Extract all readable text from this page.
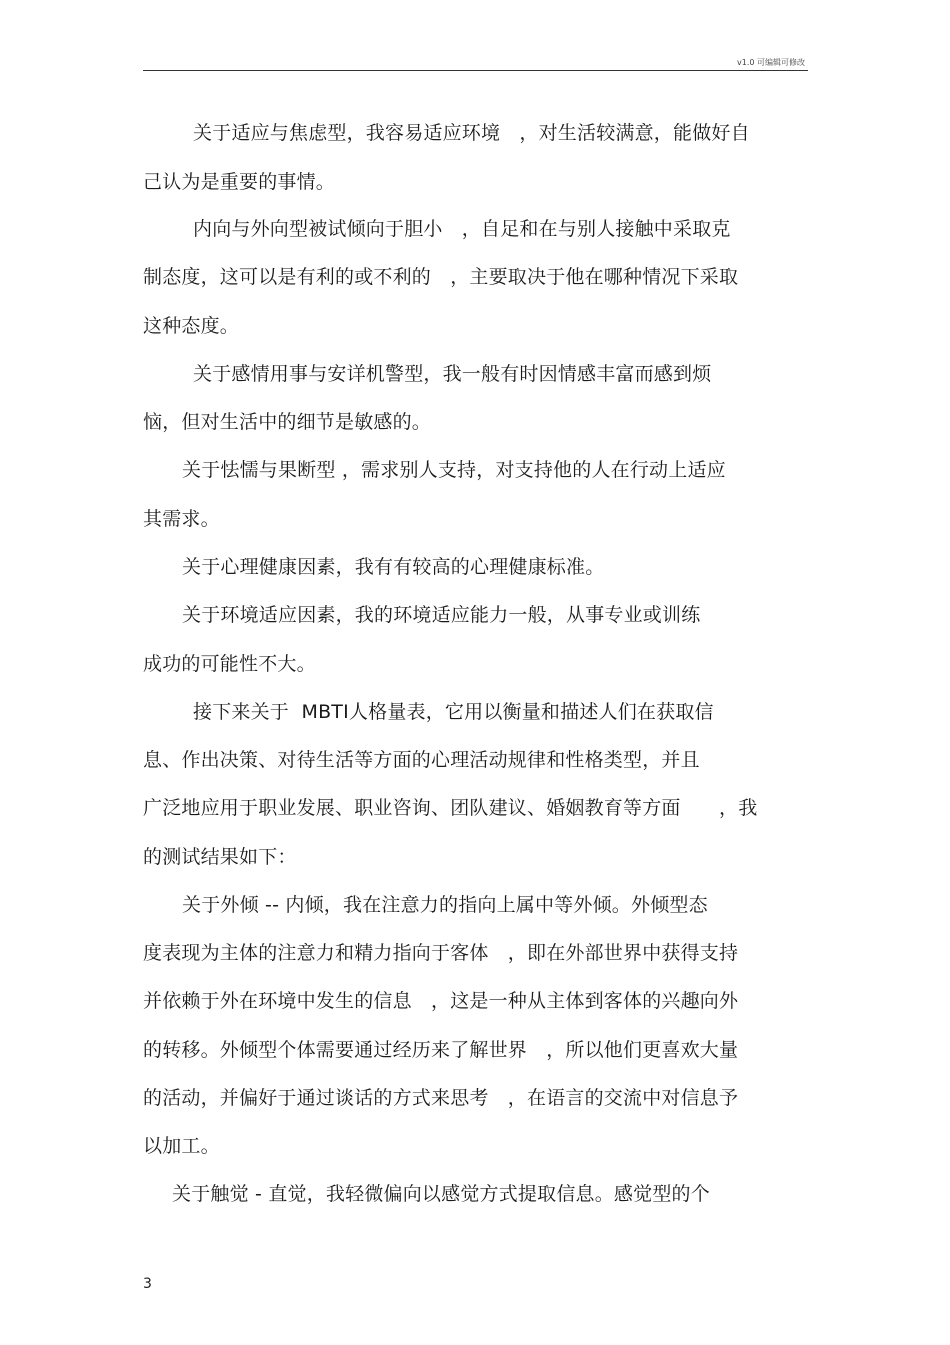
v1.0 可编辑可修改
关于适应与焦虑型，我容易适应环境　，对生活较满意，能做好自
己认为是重要的事情。
内向与外向型被试倾向于胆小　，自足和在与别人接触中采取克
制态度，这可以是有利的或不利的　，主要取决于他在哪种情况下采取
这种态度。
关于感情用事与安详机警型，我一般有时因情感丰富而感到烦
恼，但对生活中的细节是敏感的。
关于怯懦与果断型 ，需求别人支持，对支持他的人在行动上适应
其需求。
关于心理健康因素，我有有较高的心理健康标准。
关于环境适应因素，我的环境适应能力一般，从事专业或训练
成功的可能性不大。
接下来关于  MBTI人格量表，它用以衡量和描述人们在获取信
息、作出决策、对待生活等方面的心理活动规律和性格类型，并且
广泛地应用于职业发展、职业咨询、团队建议、婚姻教育等方面　　，我
的测试结果如下：
关于外倾 -- 内倾，我在注意力的指向上属中等外倾。外倾型态
度表现为主体的注意力和精力指向于客体　，即在外部世界中获得支持
并依赖于外在环境中发生的信息　，这是一种从主体到客体的兴趣向外
的转移。外倾型个体需要通过经历来了解世界　，所以他们更喜欢大量
的活动，并偏好于通过谈话的方式来思考　，在语言的交流中对信息予
以加工。
关于触觉 - 直觉，我轻微偏向以感觉方式提取信息。感觉型的个
3
